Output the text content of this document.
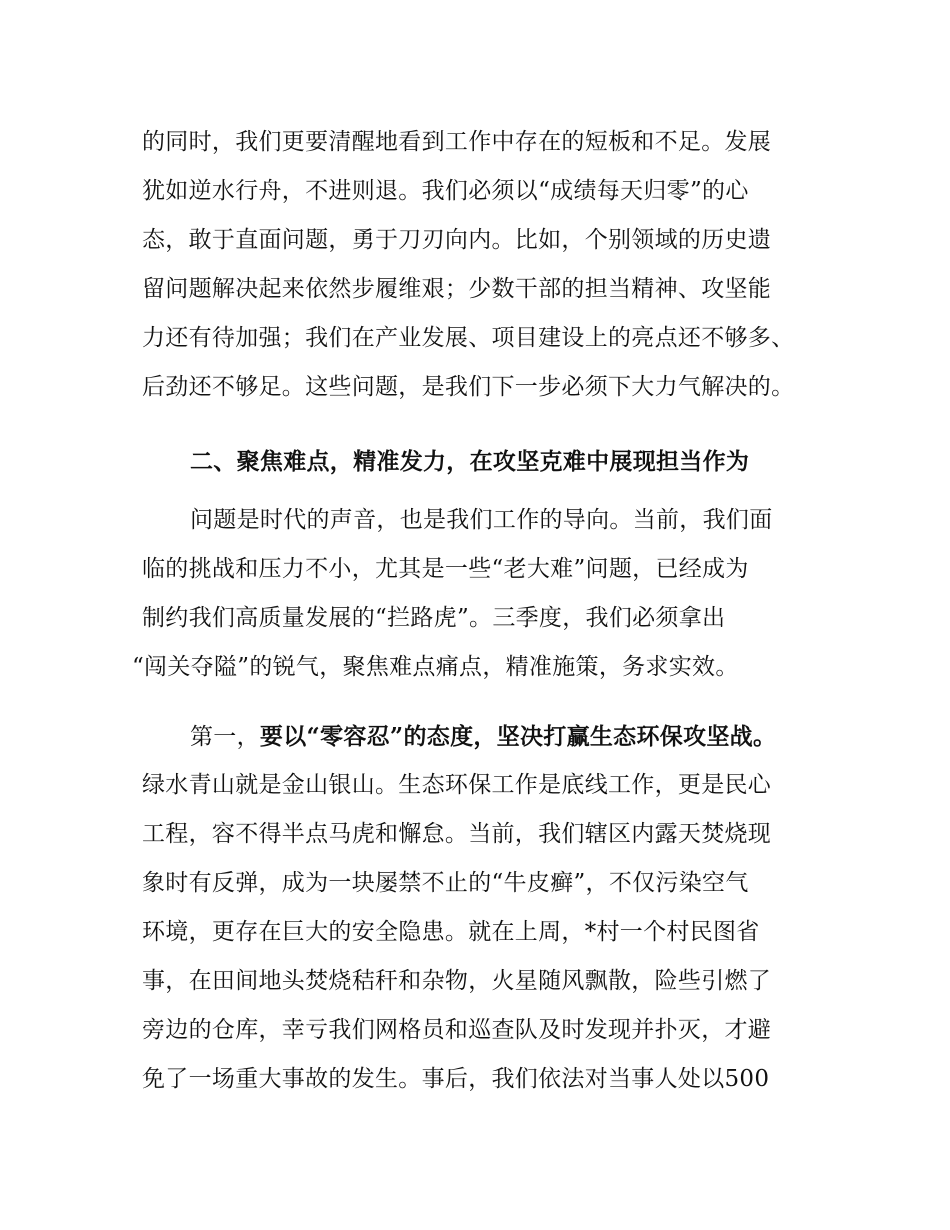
的同时，我们更要清醒地看到工作中存在的短板和不足。发展
犹如逆水行舟，不进则退。我们必须以“成绩每天归零”的心
态，敢于直面问题，勇于刀刃向内。比如，个别领域的历史遗
留问题解决起来依然步履维艰；少数干部的担当精神、攻坚能
力还有待加强；我们在产业发展、项目建设上的亮点还不够多、
后劲还不够足。这些问题，是我们下一步必须下大力气解决的。
二、聚焦难点，精准发力，在攻坚克难中展现担当作为
问题是时代的声音，也是我们工作的导向。当前，我们面
临的挑战和压力不小，尤其是一些“老大难”问题，已经成为
制约我们高质量发展的“拦路虎”。三季度，我们必须拿出
“闯关夺隘”的锐气，聚焦难点痛点，精准施策，务求实效。
第一，要以“零容忍”的态度，坚决打赢生态环保攻坚战。
绿水青山就是金山银山。生态环保工作是底线工作，更是民心
工程，容不得半点马虎和懈怠。当前，我们辖区内露天焚烧现
象时有反弹，成为一块屡禁不止的“牛皮癣”，不仅污染空气
环境，更存在巨大的安全隐患。就在上周，*村一个村民图省
事，在田间地头焚烧秸秆和杂物，火星随风飘散，险些引燃了
旁边的仓库，幸亏我们网格员和巡查队及时发现并扑灭，才避
免了一场重大事故的发生。事后，我们依法对当事人处以500
